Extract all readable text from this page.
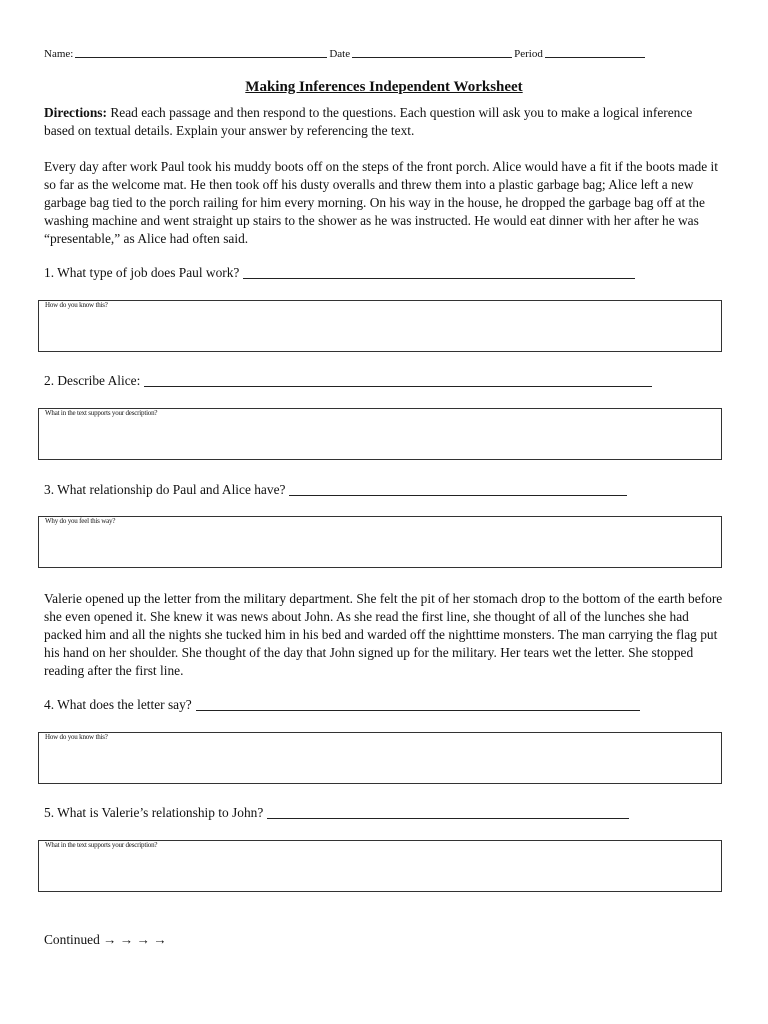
Name:	Date	Period
Making Inferences Independent Worksheet

Directions: Read each passage and then respond to the questions. Each question will ask you to make a logical inference based on textual details. Explain your answer by referencing the text.

Every day after work Paul took his muddy boots off on the steps of the front porch. Alice would have a fit if the boots made it so far as the welcome mat. He then took off his dusty overalls and threw them into a plastic garbage bag; Alice left a new garbage bag tied to the porch railing for him every morning. On his way in the house, he dropped the garbage bag off at the washing machine and went straight up stairs to the shower as he was instructed. He would eat dinner with her after he was “presentable,” as Alice had often said.

1. What type of job does Paul work?
How do you know this?
2. Describe Alice:
What in the text supports your description?
3. What relationship do Paul and Alice have?
Why do you feel this way?

Valerie opened up the letter from the military department. She felt the pit of her stomach drop to the bottom of the earth before she even opened it. She knew it was news about John. As she read the first line, she thought of all of the lunches she had packed him and all the nights she tucked him in his bed and warded off the nighttime monsters. The man carrying the flag put his hand on her shoulder. She thought of the day that John signed up for the military. Her tears wet the letter. She stopped reading after the first line.

4. What does the letter say?
How do you know this?
5. What is Valerie’s relationship to John?
What in the text supports your description?
Continued → → → →
